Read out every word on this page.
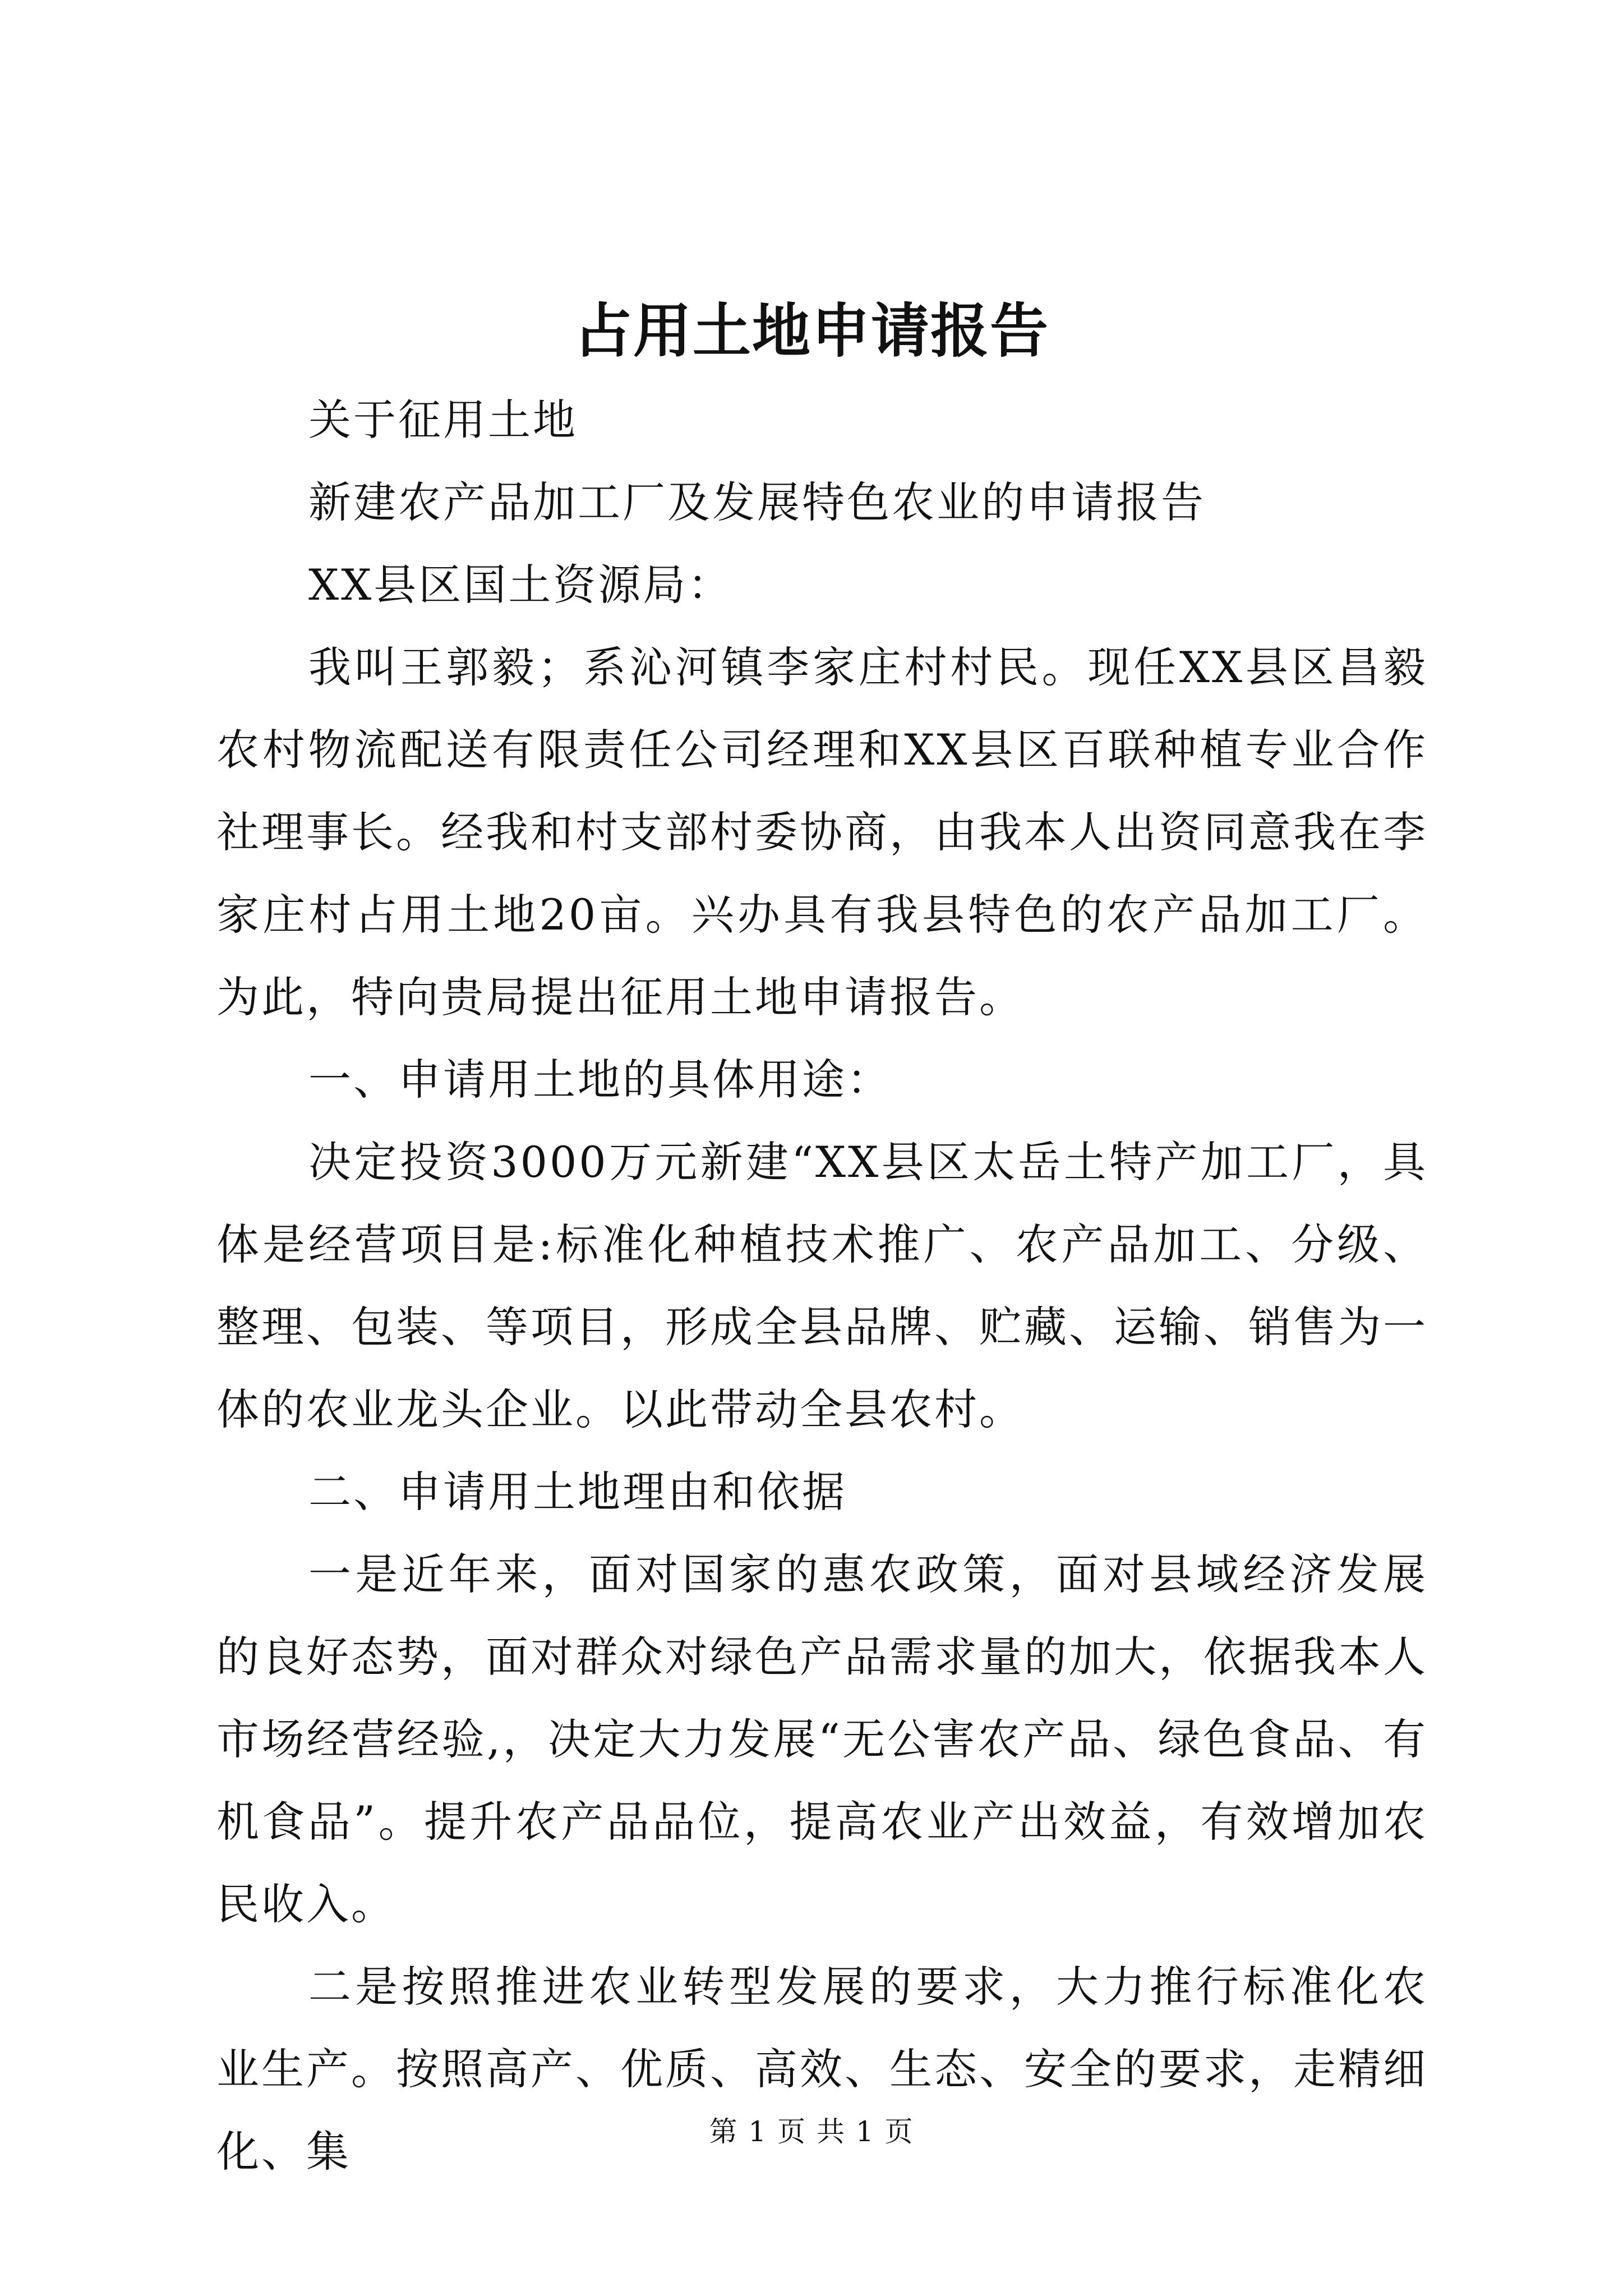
占用土地申请报告

关于征用土地

新建农产品加工厂及发展特色农业的申请报告

XX县区国土资源局：

我叫王郭毅；系沁河镇李家庄村村民。现任XX县区昌毅农村物流配送有限责任公司经理和XX县区百联种植专业合作社理事长。经我和村支部村委协商，由我本人出资同意我在李家庄村占用土地20亩。兴办具有我县特色的农产品加工厂。为此，特向贵局提出征用土地申请报告。

一、申请用土地的具体用途：

决定投资3000万元新建“XX县区太岳土特产加工厂，具体是经营项目是:标准化种植技术推广、农产品加工、分级、整理、包装、等项目，形成全县品牌、贮藏、运输、销售为一体的农业龙头企业。以此带动全县农村。

二、申请用土地理由和依据

一是近年来，面对国家的惠农政策，面对县域经济发展的良好态势，面对群众对绿色产品需求量的加大，依据我本人市场经营经验,，决定大力发展“无公害农产品、绿色食品、有机食品”。提升农产品品位，提高农业产出效益，有效增加农民收入。

二是按照推进农业转型发展的要求，大力推行标准化农业生产。按照高产、优质、高效、生态、安全的要求，走精细化、集	第 1 页 共 1 页
